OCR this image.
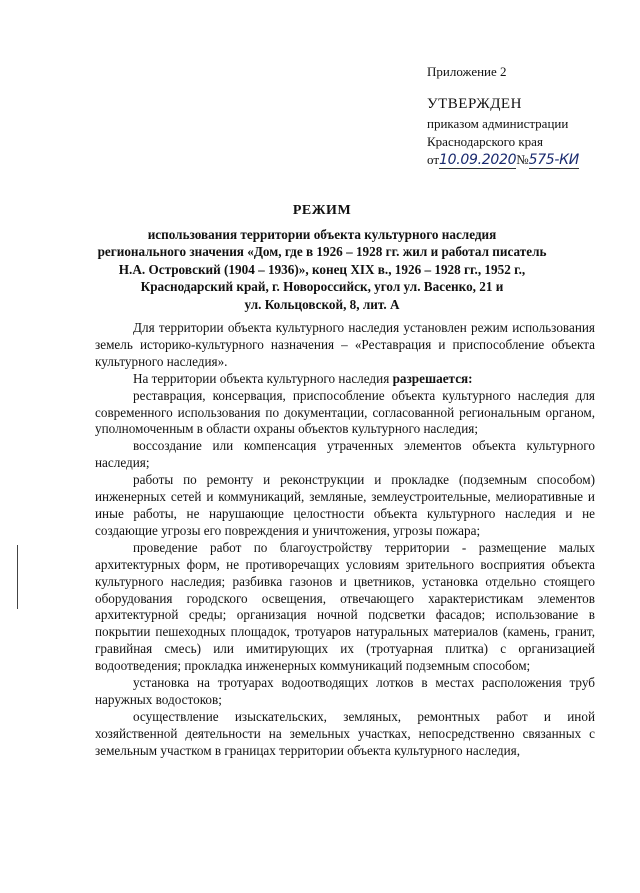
Приложение 2
УТВЕРЖДЕН
приказом администрации
Краснодарского края
от 10.09.2020 № 575-КИ
РЕЖИМ
использования территории объекта культурного наследия
регионального значения «Дом, где в 1926 – 1928 гг. жил и работал писатель
Н.А. Островский (1904 – 1936)», конец XIX в., 1926 – 1928 гг., 1952 г.,
Краснодарский край, г. Новороссийск, угол ул. Васенко, 21 и
ул. Кольцовской, 8, лит. А

Для территории объекта культурного наследия установлен режим использования земель историко-культурного назначения – «Реставрация и приспособление объекта культурного наследия».

На территории объекта культурного наследия разрешается:

реставрация, консервация, приспособление объекта культурного наследия для современного использования по документации, согласованной региональным органом, уполномоченным в области охраны объектов культурного наследия;

воссоздание или компенсация утраченных элементов объекта культурного наследия;

работы по ремонту и реконструкции и прокладке (подземным способом) инженерных сетей и коммуникаций, земляные, землеустроительные, мелиоративные и иные работы, не нарушающие целостности объекта культурного наследия и не создающие угрозы его повреждения и уничтожения, угрозы пожара;

проведение работ по благоустройству территории - размещение малых архитектурных форм, не противоречащих условиям зрительного восприятия объекта культурного наследия; разбивка газонов и цветников, установка отдельно стоящего оборудования городского освещения, отвечающего характеристикам элементов архитектурной среды; организация ночной подсветки фасадов; использование в покрытии пешеходных площадок, тротуаров натуральных материалов (камень, гранит, гравийная смесь) или имитирующих их (тротуарная плитка) с организацией водоотведения; прокладка инженерных коммуникаций подземным способом;

установка на тротуарах водоотводящих лотков в местах расположения труб наружных водостоков;

осуществление изыскательских, земляных, ремонтных работ и иной хозяйственной деятельности на земельных участках, непосредственно связанных с земельным участком в границах территории объекта культурного наследия,
